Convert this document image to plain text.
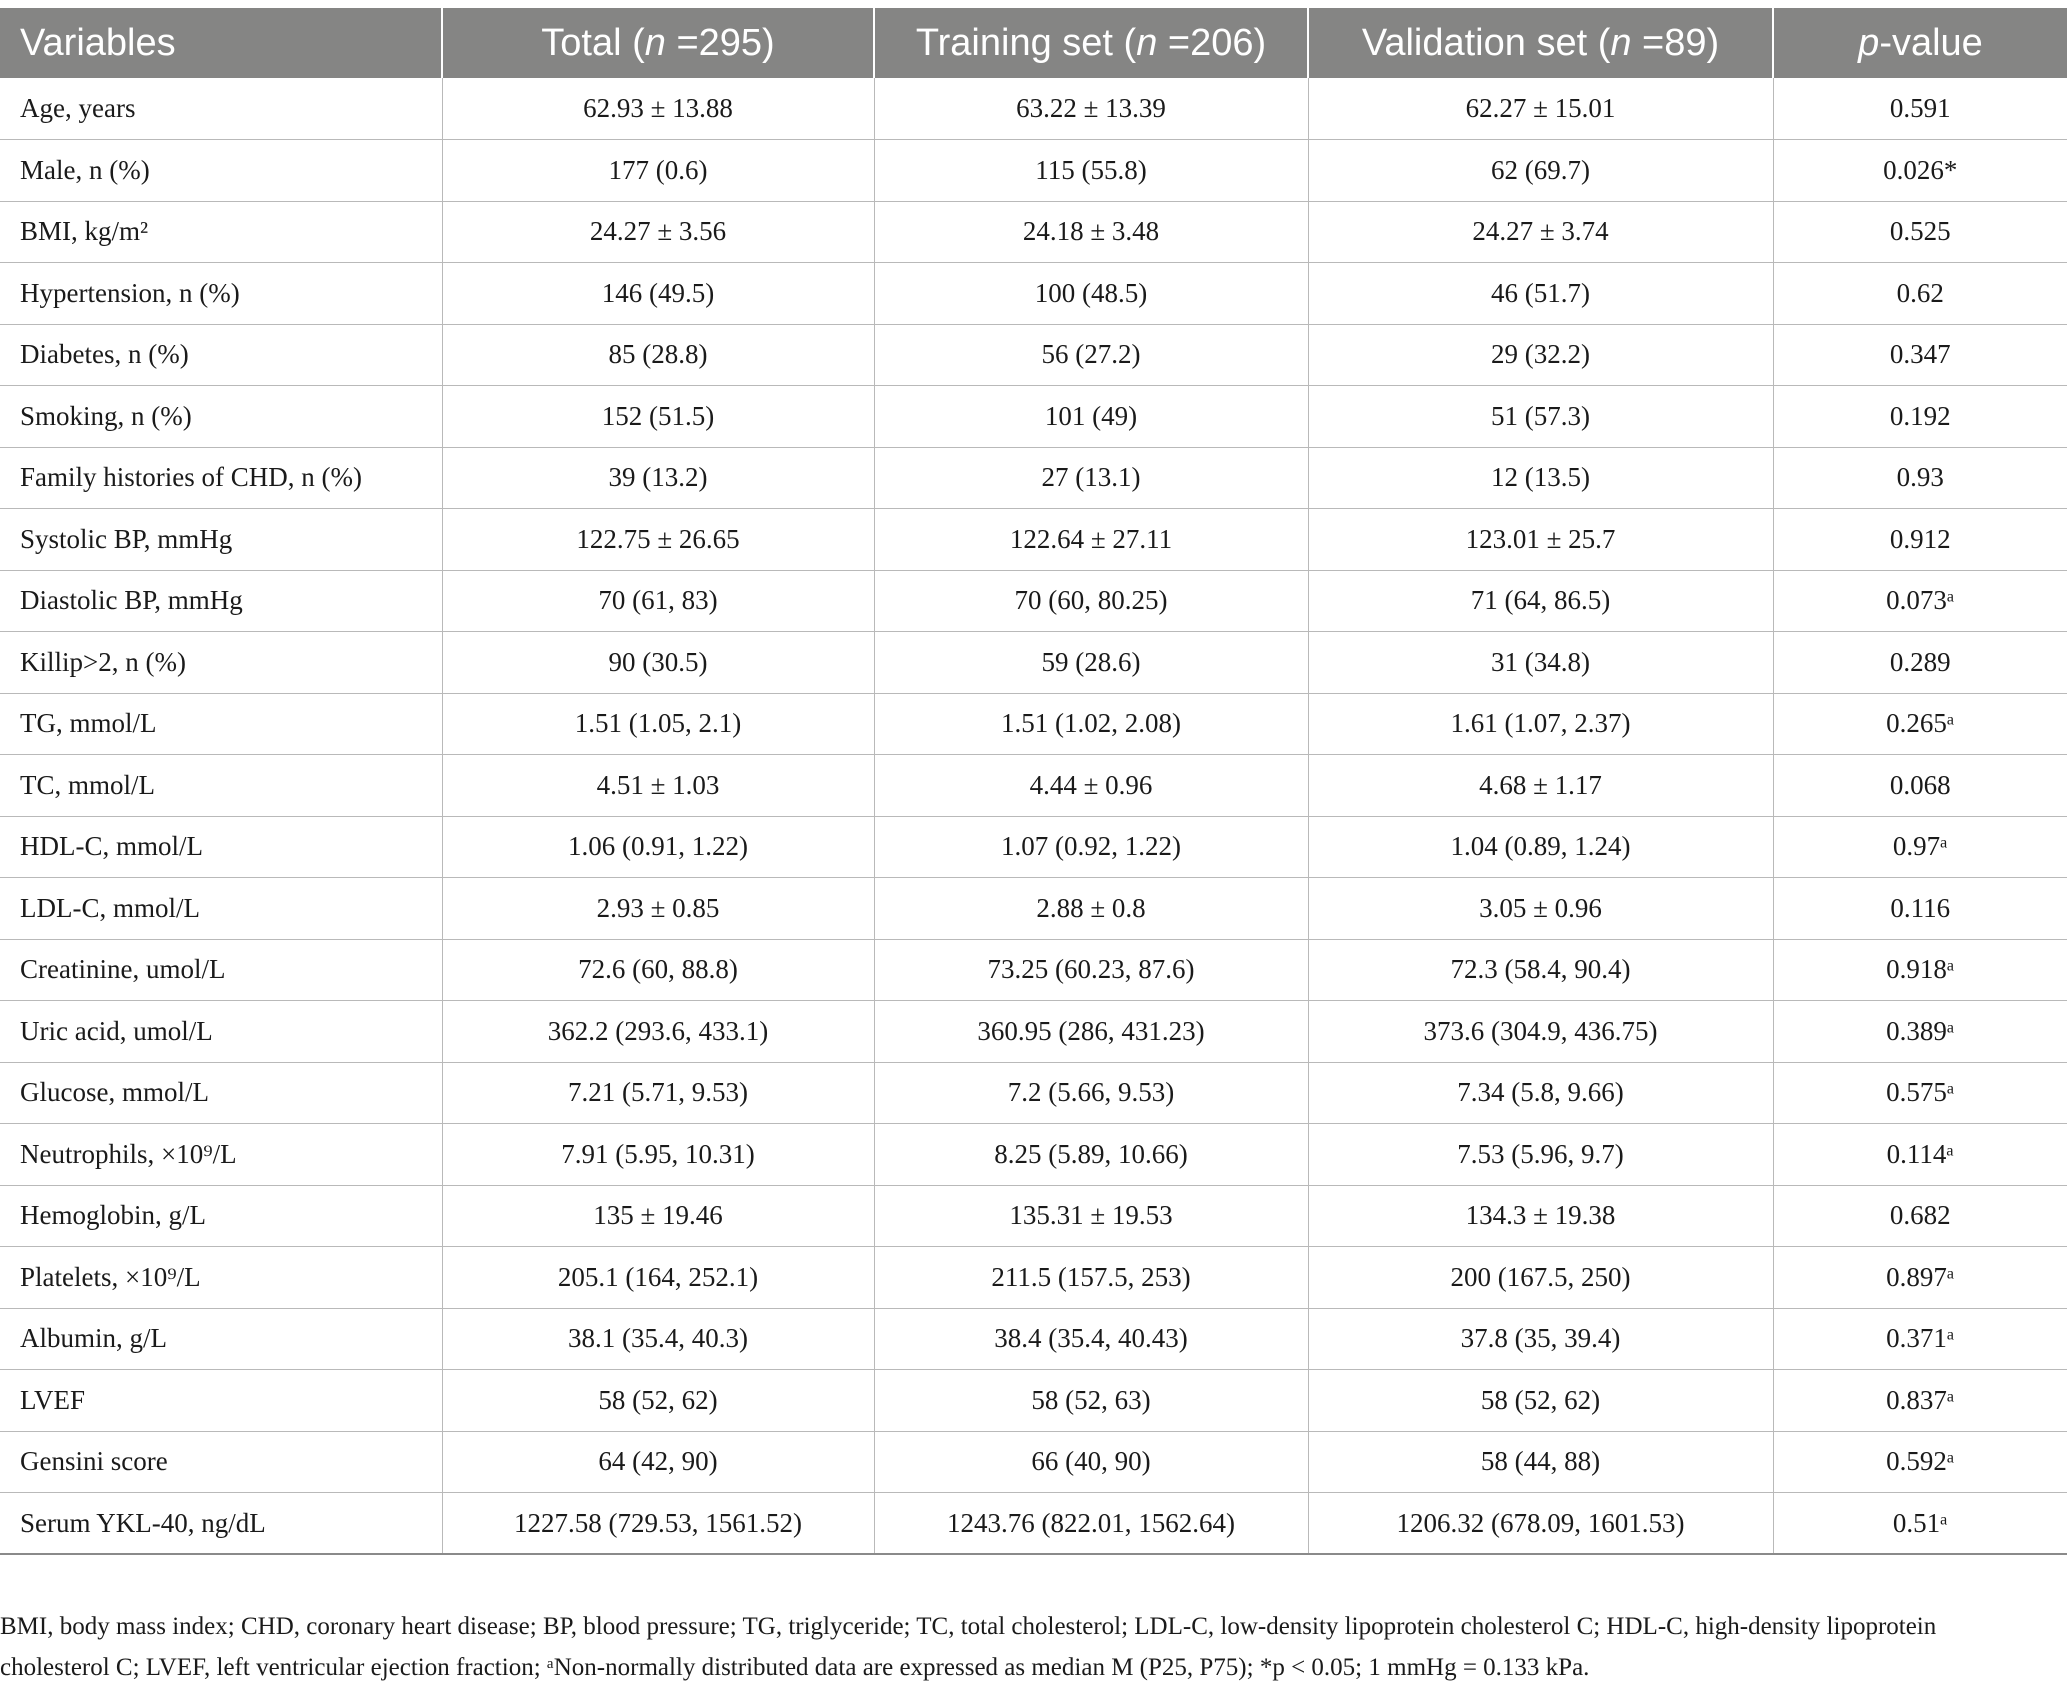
Variables	Total (n =295)	Training set (n =206)	Validation set (n =89)	p-value
Age, years	62.93 ± 13.88	63.22 ± 13.39	62.27 ± 15.01	0.591
Male, n (%)	177 (0.6)	115 (55.8)	62 (69.7)	0.026*
BMI, kg/m²	24.27 ± 3.56	24.18 ± 3.48	24.27 ± 3.74	0.525
Hypertension, n (%)	146 (49.5)	100 (48.5)	46 (51.7)	0.62
Diabetes, n (%)	85 (28.8)	56 (27.2)	29 (32.2)	0.347
Smoking, n (%)	152 (51.5)	101 (49)	51 (57.3)	0.192
Family histories of CHD, n (%)	39 (13.2)	27 (13.1)	12 (13.5)	0.93
Systolic BP, mmHg	122.75 ± 26.65	122.64 ± 27.11	123.01 ± 25.7	0.912
Diastolic BP, mmHg	70 (61, 83)	70 (60, 80.25)	71 (64, 86.5)	0.073ᵃ
Killip>2, n (%)	90 (30.5)	59 (28.6)	31 (34.8)	0.289
TG, mmol/L	1.51 (1.05, 2.1)	1.51 (1.02, 2.08)	1.61 (1.07, 2.37)	0.265ᵃ
TC, mmol/L	4.51 ± 1.03	4.44 ± 0.96	4.68 ± 1.17	0.068
HDL-C, mmol/L	1.06 (0.91, 1.22)	1.07 (0.92, 1.22)	1.04 (0.89, 1.24)	0.97ᵃ
LDL-C, mmol/L	2.93 ± 0.85	2.88 ± 0.8	3.05 ± 0.96	0.116
Creatinine, umol/L	72.6 (60, 88.8)	73.25 (60.23, 87.6)	72.3 (58.4, 90.4)	0.918ᵃ
Uric acid, umol/L	362.2 (293.6, 433.1)	360.95 (286, 431.23)	373.6 (304.9, 436.75)	0.389ᵃ
Glucose, mmol/L	7.21 (5.71, 9.53)	7.2 (5.66, 9.53)	7.34 (5.8, 9.66)	0.575ᵃ
Neutrophils, ×10⁹/L	7.91 (5.95, 10.31)	8.25 (5.89, 10.66)	7.53 (5.96, 9.7)	0.114ᵃ
Hemoglobin, g/L	135 ± 19.46	135.31 ± 19.53	134.3 ± 19.38	0.682
Platelets, ×10⁹/L	205.1 (164, 252.1)	211.5 (157.5, 253)	200 (167.5, 250)	0.897ᵃ
Albumin, g/L	38.1 (35.4, 40.3)	38.4 (35.4, 40.43)	37.8 (35, 39.4)	0.371ᵃ
LVEF	58 (52, 62)	58 (52, 63)	58 (52, 62)	0.837ᵃ
Gensini score	64 (42, 90)	66 (40, 90)	58 (44, 88)	0.592ᵃ
Serum YKL-40, ng/dL	1227.58 (729.53, 1561.52)	1243.76 (822.01, 1562.64)	1206.32 (678.09, 1601.53)	0.51ᵃ

BMI, body mass index; CHD, coronary heart disease; BP, blood pressure; TG, triglyceride; TC, total cholesterol; LDL-C, low-density lipoprotein cholesterol C; HDL-C, high-density lipoprotein

cholesterol C; LVEF, left ventricular ejection fraction; ᵃNon-normally distributed data are expressed as median M (P25, P75); *p < 0.05; 1 mmHg = 0.133 kPa.
